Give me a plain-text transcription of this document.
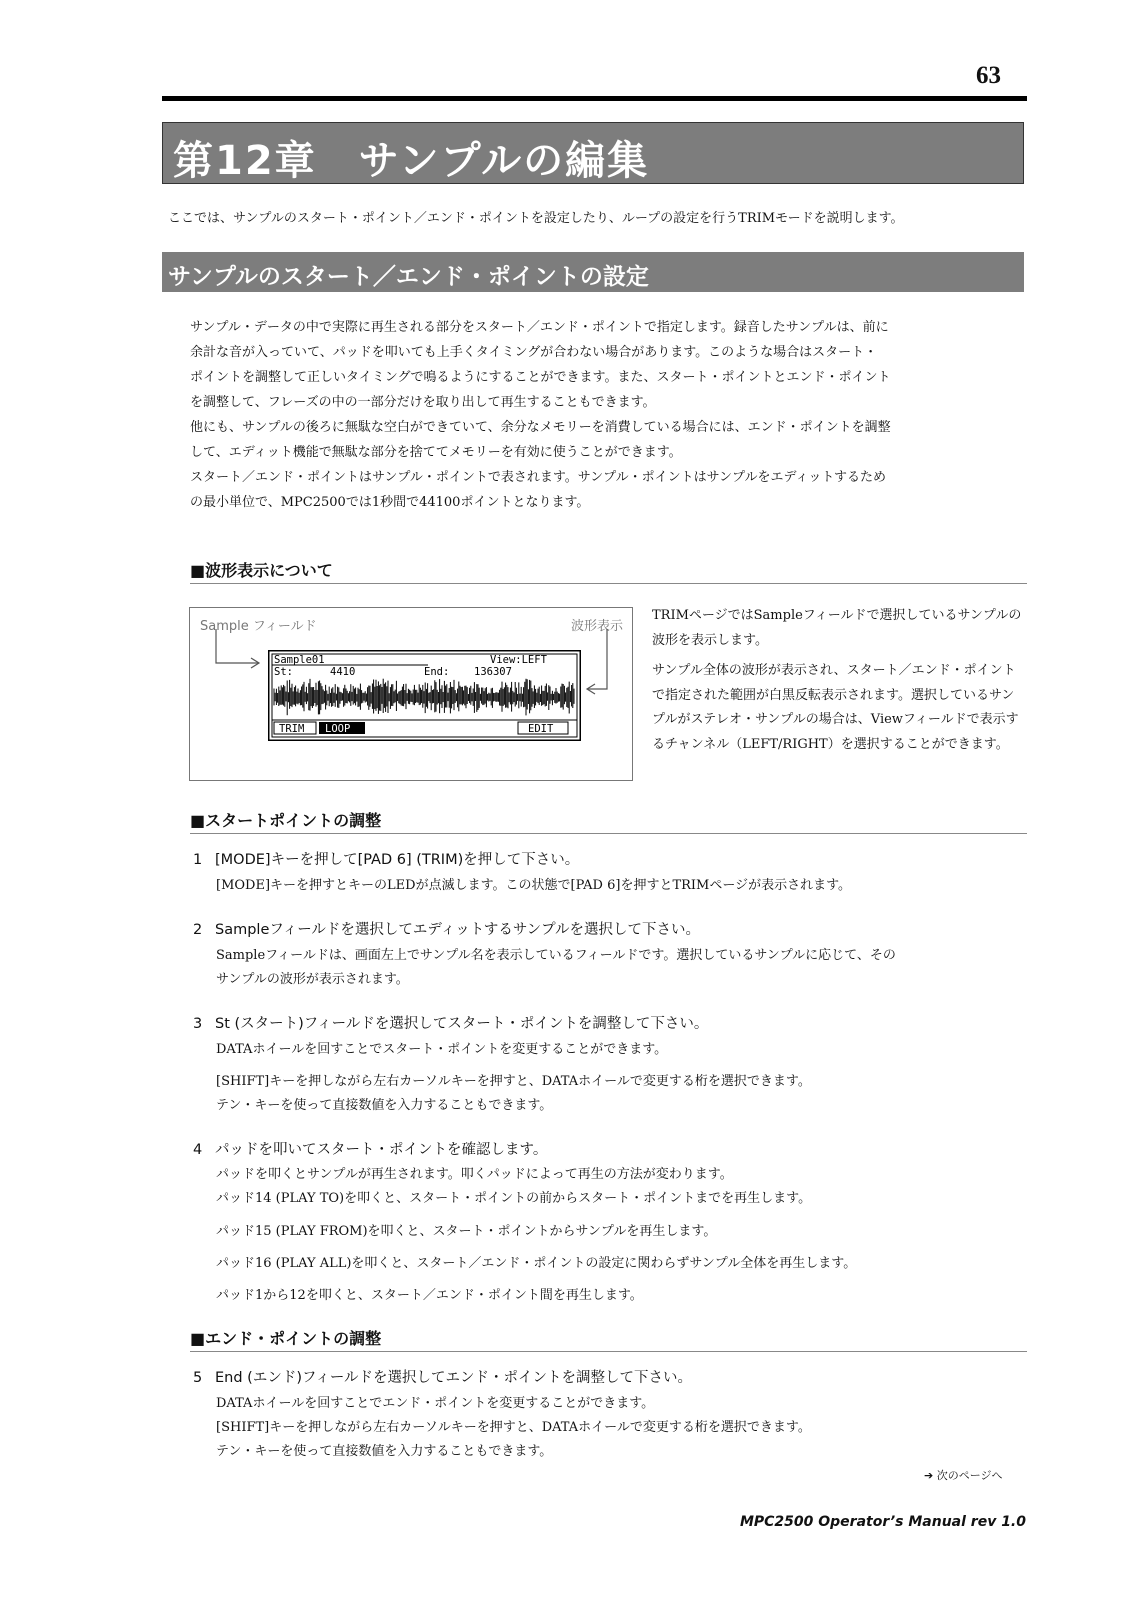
63
第12章　サンプルの編集
ここでは、サンプルのスタート・ポイント／エンド・ポイントを設定したり、ループの設定を行うTRIMモードを説明します。
サンプルのスタート／エンド・ポイントの設定
サンプル・データの中で実際に再生される部分をスタート／エンド・ポイントで指定します。録音したサンプルは、前に
余計な音が入っていて、パッドを叩いても上手くタイミングが合わない場合があります。このような場合はスタート・
ポイントを調整して正しいタイミングで鳴るようにすることができます。また、スタート・ポイントとエンド・ポイント
を調整して、フレーズの中の一部分だけを取り出して再生することもできます。
他にも、サンプルの後ろに無駄な空白ができていて、余分なメモリーを消費している場合には、エンド・ポイントを調整
して、エディット機能で無駄な部分を捨ててメモリーを有効に使うことができます。
スタート／エンド・ポイントはサンプル・ポイントで表されます。サンプル・ポイントはサンプルをエディットするため
の最小単位で、MPC2500では1秒間で44100ポイントとなります。
■波形表示について
Sample フィールド	波形表示
Sample01	View:LEFT
St:	4410	End: 136307
TRIM LOOP	EDIT
TRIMページではSampleフィールドで選択しているサンプルの波形を表示します。
サンプル全体の波形が表示され、スタート／エンド・ポイントで指定された範囲が白黒反転表示されます。選択しているサンプルがステレオ・サンプルの場合は、Viewフィールドで表示するチャンネル（LEFT/RIGHT）を選択することができます。
■スタートポイントの調整
1 [MODE]キーを押して[PAD 6] (TRIM)を押して下さい。
[MODE]キーを押すとキーのLEDが点滅します。この状態で[PAD 6]を押すとTRIMページが表示されます。
2 Sampleフィールドを選択してエディットするサンプルを選択して下さい。
Sampleフィールドは、画面左上でサンプル名を表示しているフィールドです。選択しているサンプルに応じて、その
サンプルの波形が表示されます。
3 St (スタート)フィールドを選択してスタート・ポイントを調整して下さい。
DATAホイールを回すことでスタート・ポイントを変更することができます。
[SHIFT]キーを押しながら左右カーソルキーを押すと、DATAホイールで変更する桁を選択できます。
テン・キーを使って直接数値を入力することもできます。
4 パッドを叩いてスタート・ポイントを確認します。
パッドを叩くとサンプルが再生されます。叩くパッドによって再生の方法が変わります。
パッド14 (PLAY TO)を叩くと、スタート・ポイントの前からスタート・ポイントまでを再生します。
パッド15 (PLAY FROM)を叩くと、スタート・ポイントからサンプルを再生します。
パッド16 (PLAY ALL)を叩くと、スタート／エンド・ポイントの設定に関わらずサンプル全体を再生します。
パッド1から12を叩くと、スタート／エンド・ポイント間を再生します。
■エンド・ポイントの調整
5 End (エンド)フィールドを選択してエンド・ポイントを調整して下さい。
DATAホイールを回すことでエンド・ポイントを変更することができます。
[SHIFT]キーを押しながら左右カーソルキーを押すと、DATAホイールで変更する桁を選択できます。
テン・キーを使って直接数値を入力することもできます。
➔ 次のページへ
MPC2500 Operator’s Manual rev 1.0
